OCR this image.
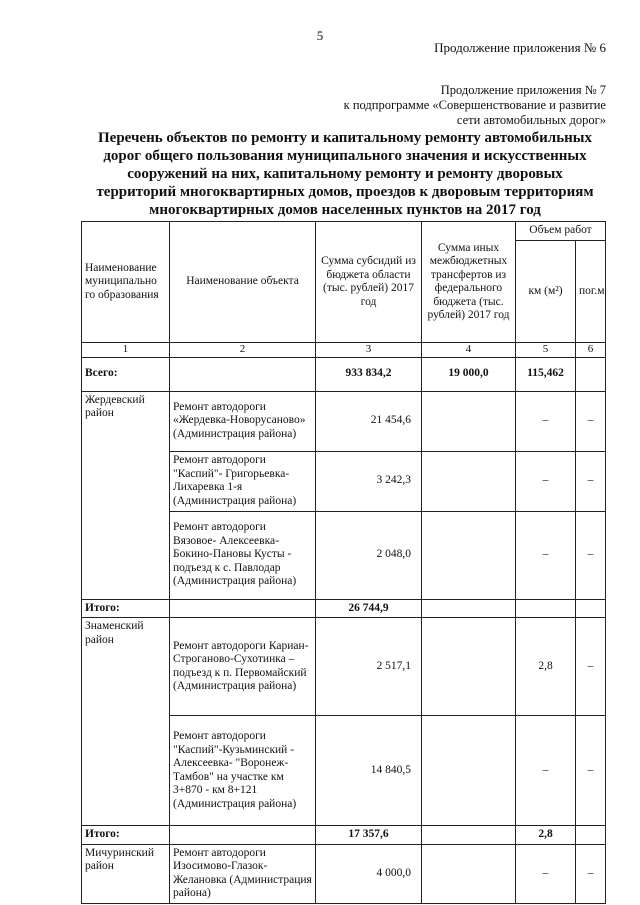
5
Продолжение приложения № 6
Продолжение приложения № 7
к подпрограмме «Совершенствование и развитие
сети автомобильных дорог»
Перечень объектов по ремонту и капитальному ремонту автомобильных дорог общего пользования муниципального значения и искусственных сооружений на них, капитальному ремонту и ремонту дворовых территорий многоквартирных домов, проездов к дворовым территориям многоквартирных домов населенных пунктов на 2017 год
Наименование муниципально го образования	Наименование объекта	Сумма субсидий из бюджета области (тыс. рублей) 2017 год	Сумма иных межбюджетных трансфертов из федерального бюджета (тыс. рублей) 2017 год	Объем работ	
				км (м²)	пог.м
1	2	3	4	5	6
Всего:		933 834,2	19 000,0	115,462	
Жердевский район	Ремонт автодороги «Жердевка-Новорусаново» (Администрация района)	21 454,6		–	–
	Ремонт автодороги "Каспий"- Григорьевка-Лихаревка 1-я (Администрация района)	3 242,3		–	–
	Ремонт автодороги Вязовое- Алексеевка-Бокино-Пановы Кусты - подъезд к с. Павлодар (Администрация района)	2 048,0		–	–
Итого:		26 744,9			
Знаменский район	Ремонт автодороги Кариан-Строганово-Сухотинка – подъезд к п. Первомайский (Администрация района)	2 517,1		2,8	–
	Ремонт автодороги "Каспий"-Кузьминский - Алексеевка- "Воронеж-Тамбов" на участке км 3+870 - км 8+121 (Администрация района)	14 840,5		–	–
Итого:		17 357,6		2,8	
Мичуринский район	Ремонт автодороги Изосимово-Глазок-Желановка (Администрация района)	4 000,0		–	–
